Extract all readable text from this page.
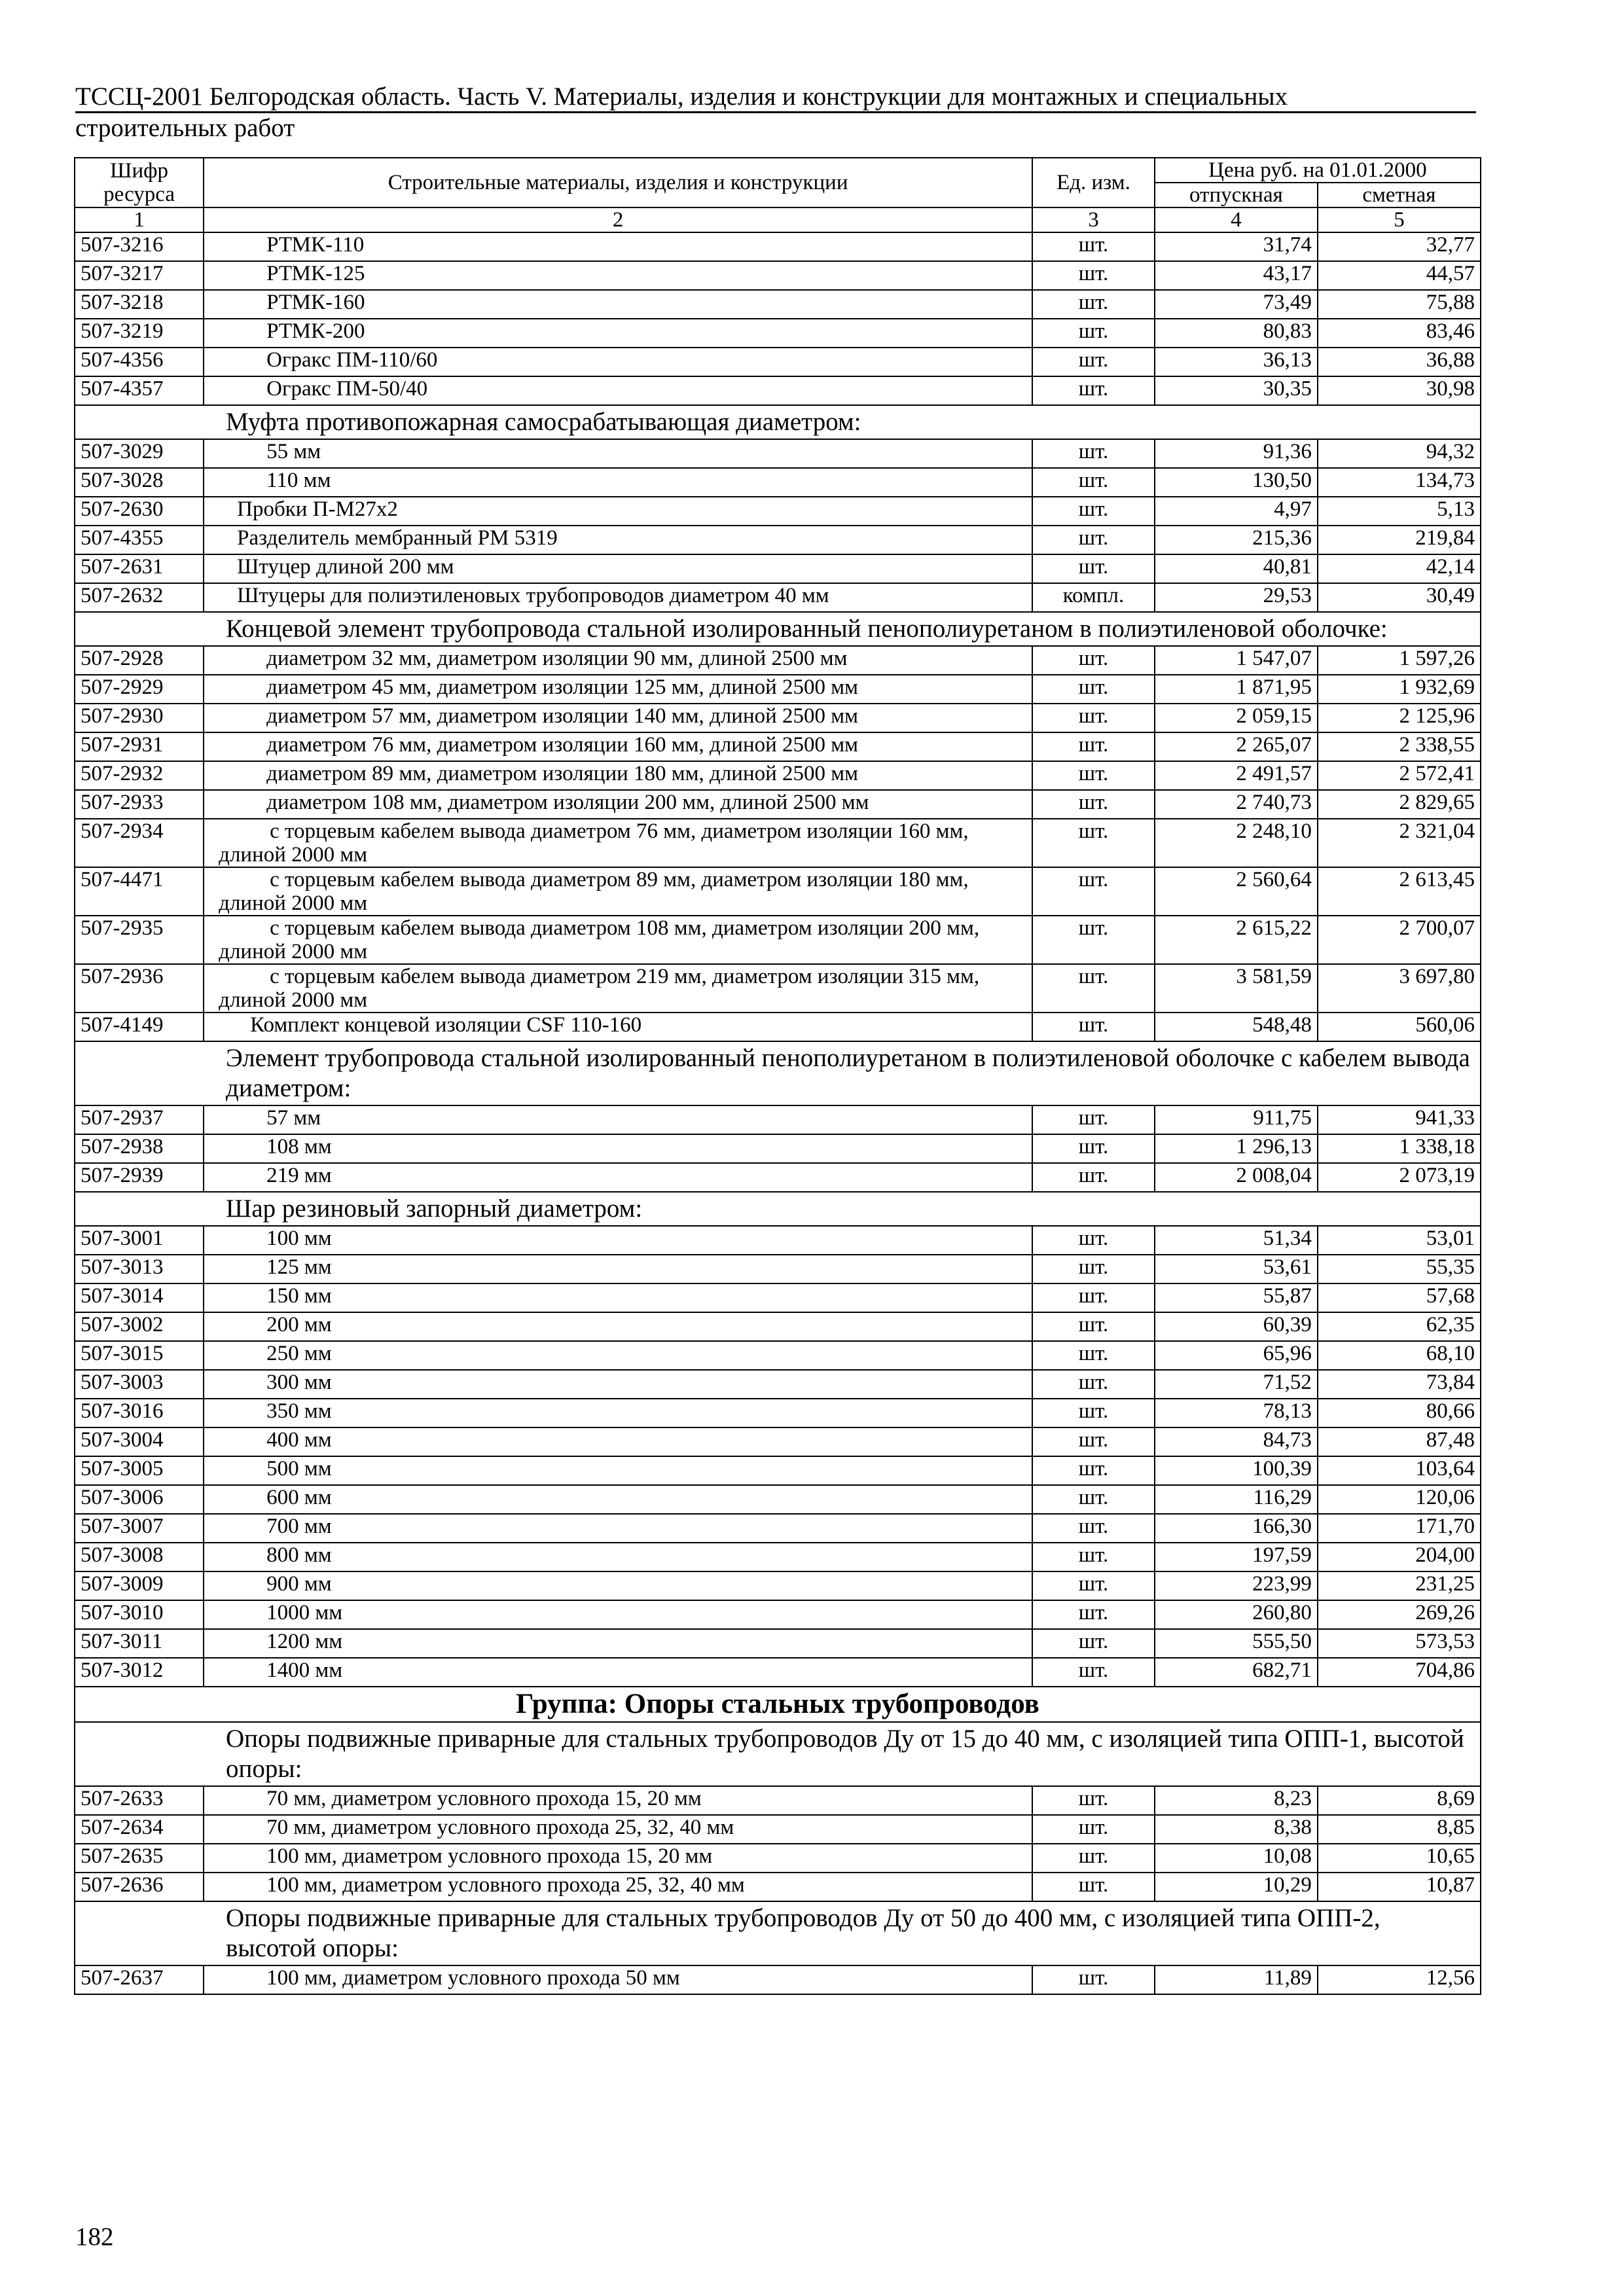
ТССЦ-2001 Белгородская область. Часть V. Материалы, изделия и конструкции для монтажных и специальных
строительных работ
Шифр ресурса	Строительные материалы, изделия и конструкции	Ед. изм.	Цена руб. на 01.01.2000	
			отпускная	сметная
1	2	3	4	5
507-3216	РТМК-110	шт.	31,74	32,77
507-3217	РТМК-125	шт.	43,17	44,57
507-3218	РТМК-160	шт.	73,49	75,88
507-3219	РТМК-200	шт.	80,83	83,46
507-4356	Огракс ПМ-110/60	шт.	36,13	36,88
507-4357	Огракс ПМ-50/40	шт.	30,35	30,98
Муфта противопожарная самосрабатывающая диаметром:				
507-3029	55 мм	шт.	91,36	94,32
507-3028	110 мм	шт.	130,50	134,73
507-2630	Пробки П-М27х2	шт.	4,97	5,13
507-4355	Разделитель мембранный РМ 5319	шт.	215,36	219,84
507-2631	Штуцер длиной 200 мм	шт.	40,81	42,14
507-2632	Штуцеры для полиэтиленовых трубопроводов диаметром 40 мм	компл.	29,53	30,49
Концевой элемент трубопровода стальной изолированный пенополиуретаном в полиэтиленовой оболочке:				
507-2928	диаметром 32 мм, диаметром изоляции 90 мм, длиной 2500 мм	шт.	1 547,07	1 597,26
507-2929	диаметром 45 мм, диаметром изоляции 125 мм, длиной 2500 мм	шт.	1 871,95	1 932,69
507-2930	диаметром 57 мм, диаметром изоляции 140 мм, длиной 2500 мм	шт.	2 059,15	2 125,96
507-2931	диаметром 76 мм, диаметром изоляции 160 мм, длиной 2500 мм	шт.	2 265,07	2 338,55
507-2932	диаметром 89 мм, диаметром изоляции 180 мм, длиной 2500 мм	шт.	2 491,57	2 572,41
507-2933	диаметром 108 мм, диаметром изоляции 200 мм, длиной 2500 мм	шт.	2 740,73	2 829,65
507-2934	с торцевым кабелем вывода диаметром 76 мм, диаметром изоляции 160 мм, длиной 2000 мм	шт.	2 248,10	2 321,04
507-4471	с торцевым кабелем вывода диаметром 89 мм, диаметром изоляции 180 мм, длиной 2000 мм	шт.	2 560,64	2 613,45
507-2935	с торцевым кабелем вывода диаметром 108 мм, диаметром изоляции 200 мм, длиной 2000 мм	шт.	2 615,22	2 700,07
507-2936	с торцевым кабелем вывода диаметром 219 мм, диаметром изоляции 315 мм, длиной 2000 мм	шт.	3 581,59	3 697,80
507-4149	Комплект концевой изоляции CSF 110-160	шт.	548,48	560,06
Элемент трубопровода стальной изолированный пенополиуретаном в полиэтиленовой оболочке с кабелем вывода диаметром:				
507-2937	57 мм	шт.	911,75	941,33
507-2938	108 мм	шт.	1 296,13	1 338,18
507-2939	219 мм	шт.	2 008,04	2 073,19
Шар резиновый запорный диаметром:				
507-3001	100 мм	шт.	51,34	53,01
507-3013	125 мм	шт.	53,61	55,35
507-3014	150 мм	шт.	55,87	57,68
507-3002	200 мм	шт.	60,39	62,35
507-3015	250 мм	шт.	65,96	68,10
507-3003	300 мм	шт.	71,52	73,84
507-3016	350 мм	шт.	78,13	80,66
507-3004	400 мм	шт.	84,73	87,48
507-3005	500 мм	шт.	100,39	103,64
507-3006	600 мм	шт.	116,29	120,06
507-3007	700 мм	шт.	166,30	171,70
507-3008	800 мм	шт.	197,59	204,00
507-3009	900 мм	шт.	223,99	231,25
507-3010	1000 мм	шт.	260,80	269,26
507-3011	1200 мм	шт.	555,50	573,53
507-3012	1400 мм	шт.	682,71	704,86
Группа: Опоры стальных трубопроводов				
Опоры подвижные приварные для стальных трубопроводов Ду от 15 до 40 мм, с изоляцией типа ОПП-1, высотой опоры:				
507-2633	70 мм, диаметром условного прохода 15, 20 мм	шт.	8,23	8,69
507-2634	70 мм, диаметром условного прохода 25, 32, 40 мм	шт.	8,38	8,85
507-2635	100 мм, диаметром условного прохода 15, 20 мм	шт.	10,08	10,65
507-2636	100 мм, диаметром условного прохода 25, 32, 40 мм	шт.	10,29	10,87
Опоры подвижные приварные для стальных трубопроводов Ду от 50 до 400 мм, с изоляцией типа ОПП-2, высотой опоры:				
507-2637	100 мм, диаметром условного прохода 50 мм	шт.	11,89	12,56
182
